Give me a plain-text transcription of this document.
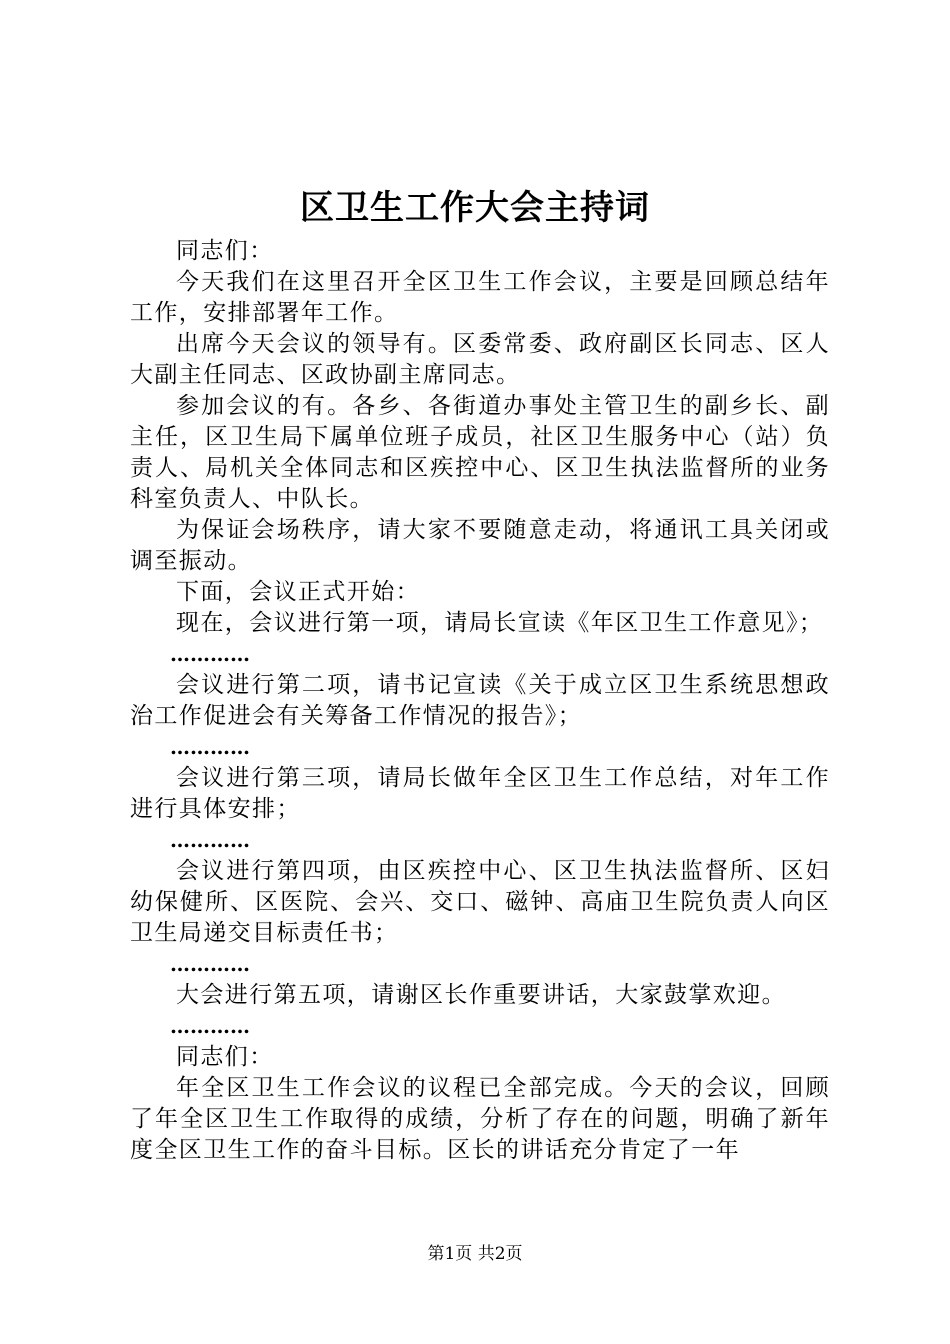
区卫生工作大会主持词

同志们：

今天我们在这里召开全区卫生工作会议，主要是回顾总结年工作，安排部署年工作。

出席今天会议的领导有。区委常委、政府副区长同志、区人大副主任同志、区政协副主席同志。

参加会议的有。各乡、各街道办事处主管卫生的副乡长、副主任，区卫生局下属单位班子成员，社区卫生服务中心（站）负责人、局机关全体同志和区疾控中心、区卫生执法监督所的业务科室负责人、中队长。

为保证会场秩序，请大家不要随意走动，将通讯工具关闭或调至振动。

下面，会议正式开始：

现在，会议进行第一项，请局长宣读《年区卫生工作意见》；

…………

会议进行第二项，请书记宣读《关于成立区卫生系统思想政治工作促进会有关筹备工作情况的报告》；

…………

会议进行第三项，请局长做年全区卫生工作总结，对年工作进行具体安排；

…………

会议进行第四项，由区疾控中心、区卫生执法监督所、区妇幼保健所、区医院、会兴、交口、磁钟、高庙卫生院负责人向区卫生局递交目标责任书；

…………

大会进行第五项，请谢区长作重要讲话，大家鼓掌欢迎。

…………

同志们：

年全区卫生工作会议的议程已全部完成。今天的会议，回顾了年全区卫生工作取得的成绩，分析了存在的问题，明确了新年度全区卫生工作的奋斗目标。区长的讲话充分肯定了一年

第1页 共2页
